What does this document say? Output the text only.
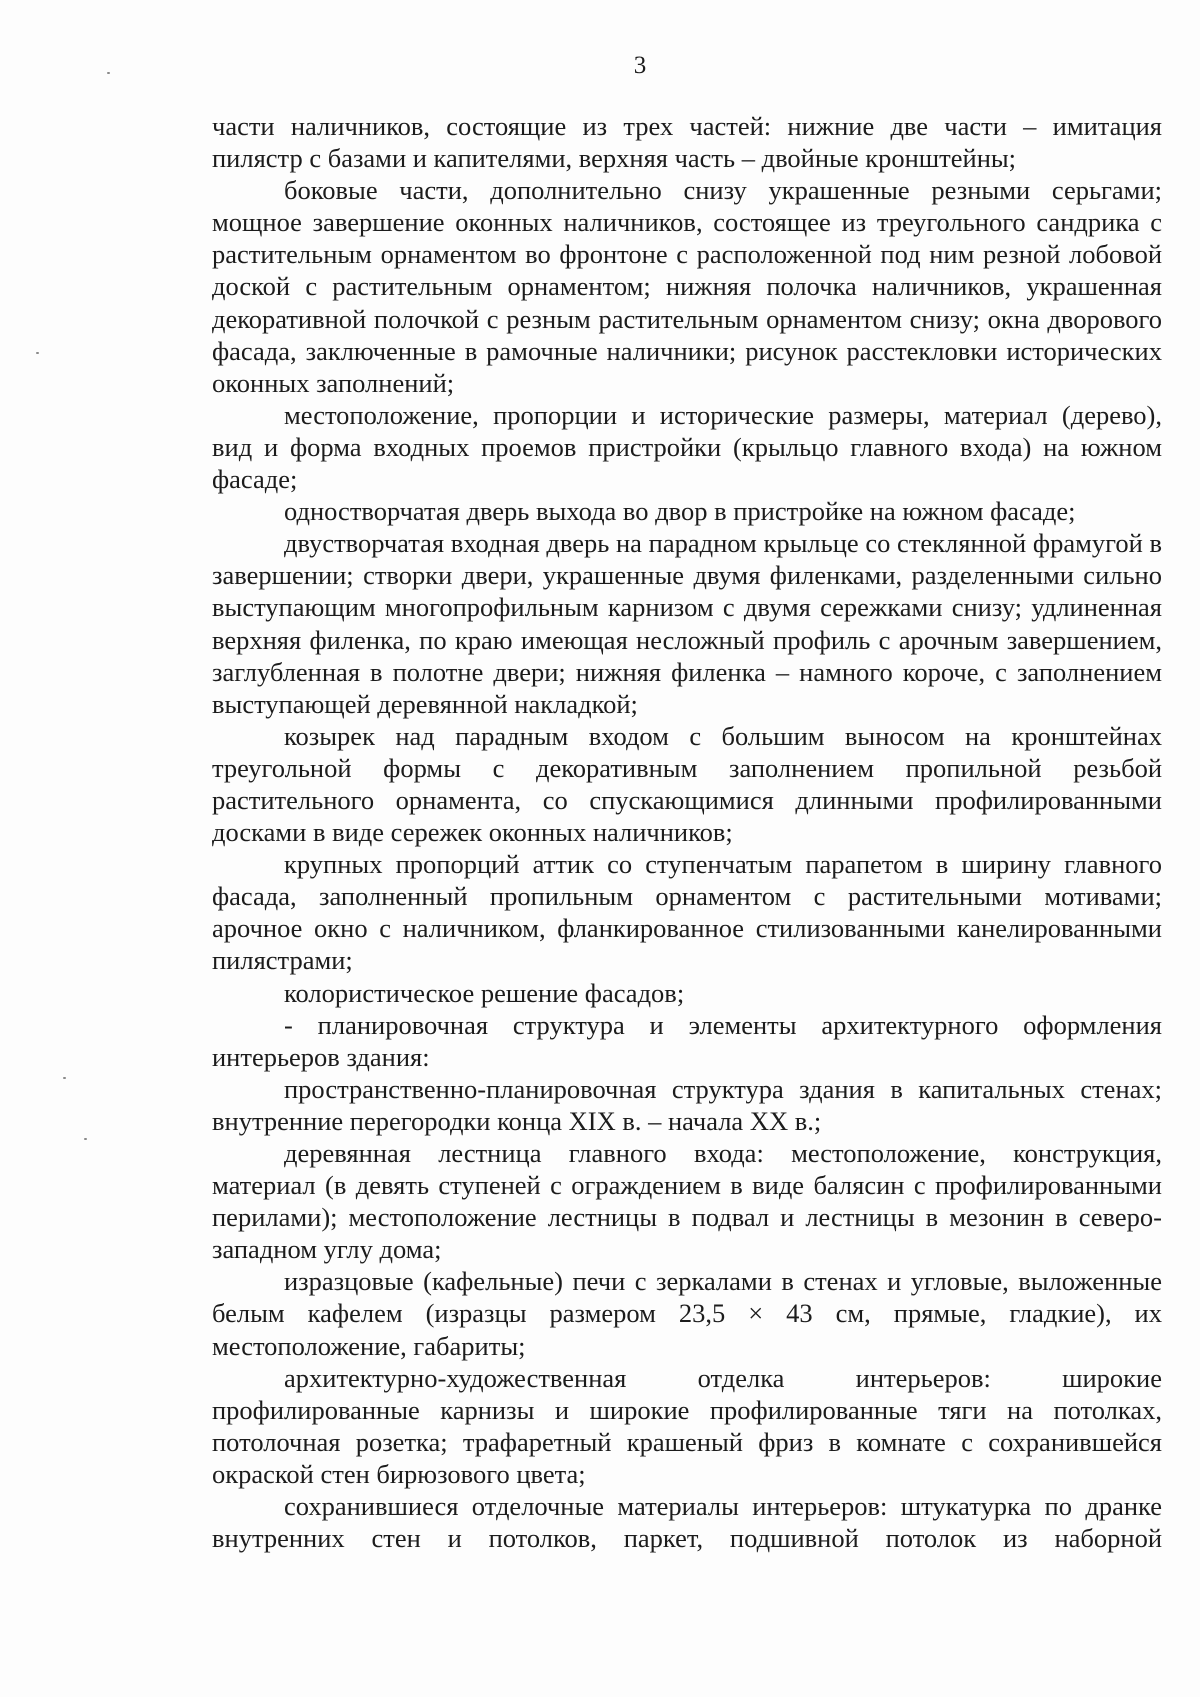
3

части наличников, состоящие из трех частей: нижние две части – имитация пилястр с базами и капителями, верхняя часть – двойные кронштейны;

боковые части, дополнительно снизу украшенные резными серьгами; мощное завершение оконных наличников, состоящее из треугольного сандрика с растительным орнаментом во фронтоне с расположенной под ним резной лобовой доской с растительным орнаментом; нижняя полочка наличников, украшенная декоративной полочкой с резным растительным орнаментом снизу; окна дворового фасада, заключенные в рамочные наличники; рисунок расстекловки исторических оконных заполнений;

местоположение, пропорции и исторические размеры, материал (дерево), вид и форма входных проемов пристройки (крыльцо главного входа) на южном фасаде;

одностворчатая дверь выхода во двор в пристройке на южном фасаде;

двустворчатая входная дверь на парадном крыльце со стеклянной фрамугой в завершении; створки двери, украшенные двумя филенками, разделенными сильно выступающим многопрофильным карнизом с двумя сережками снизу; удлиненная верхняя филенка, по краю имеющая несложный профиль с арочным завершением, заглубленная в полотне двери; нижняя филенка – намного короче, с заполнением выступающей деревянной накладкой;

козырек над парадным входом с большим выносом на кронштейнах треугольной формы с декоративным заполнением пропильной резьбой растительного орнамента, со спускающимися длинными профилированными досками в виде сережек оконных наличников;

крупных пропорций аттик со ступенчатым парапетом в ширину главного фасада, заполненный пропильным орнаментом с растительными мотивами; арочное окно с наличником, фланкированное стилизованными канелированными пилястрами;

колористическое решение фасадов;

- планировочная структура и элементы архитектурного оформления интерьеров здания:

пространственно-планировочная структура здания в капитальных стенах; внутренние перегородки конца XIX в. – начала XX в.;

деревянная лестница главного входа: местоположение, конструкция, материал (в девять ступеней с ограждением в виде балясин с профилированными перилами); местоположение лестницы в подвал и лестницы в мезонин в северо-западном углу дома;

изразцовые (кафельные) печи с зеркалами в стенах и угловые, выложенные белым кафелем (изразцы размером 23,5 × 43 см, прямые, гладкие), их местоположение, габариты;

архитектурно-художественная отделка интерьеров: широкие профилированные карнизы и широкие профилированные тяги на потолках, потолочная розетка; трафаретный крашеный фриз в комнате с сохранившейся окраской стен бирюзового цвета;

сохранившиеся отделочные материалы интерьеров: штукатурка по дранке внутренних стен и потолков, паркет, подшивной потолок из наборной
